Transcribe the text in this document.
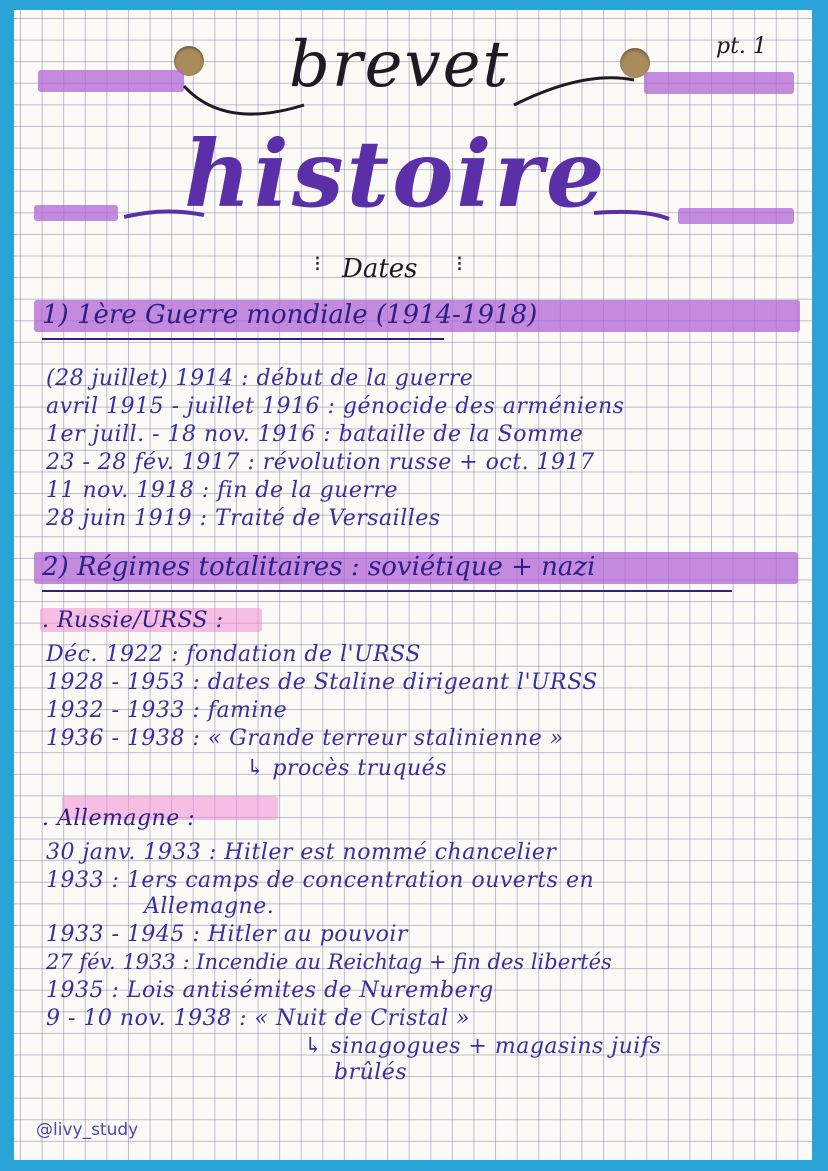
pt. 1
brevet
histoire
⁝ Dates ⁝
1) 1ère Guerre mondiale (1914-1918)
(28 juillet) 1914 : début de la guerre
avril 1915 - juillet 1916 : génocide des arméniens
1er juill. - 18 nov. 1916 : bataille de la Somme
23 - 28 fév. 1917 : révolution russe + oct. 1917
11 nov. 1918 : fin de la guerre
28 juin 1919 : Traité de Versailles
2) Régimes totalitaires : soviétique + nazi
. Russie/URSS :
Déc. 1922 : fondation de l'URSS
1928 - 1953 : dates de Staline dirigeant l'URSS
1932 - 1933 : famine
1936 - 1938 : « Grande terreur stalinienne »
↳ procès truqués
. Allemagne :
30 janv. 1933 : Hitler est nommé chancelier
1933 : 1ers camps de concentration ouverts en
Allemagne.
1933 - 1945 : Hitler au pouvoir
27 fév. 1933 : Incendie au Reichtag + fin des libertés
1935 : Lois antisémites de Nuremberg
9 - 10 nov. 1938 : « Nuit de Cristal »
↳ sinagogues + magasins juifs
brûlés
@livy_study
